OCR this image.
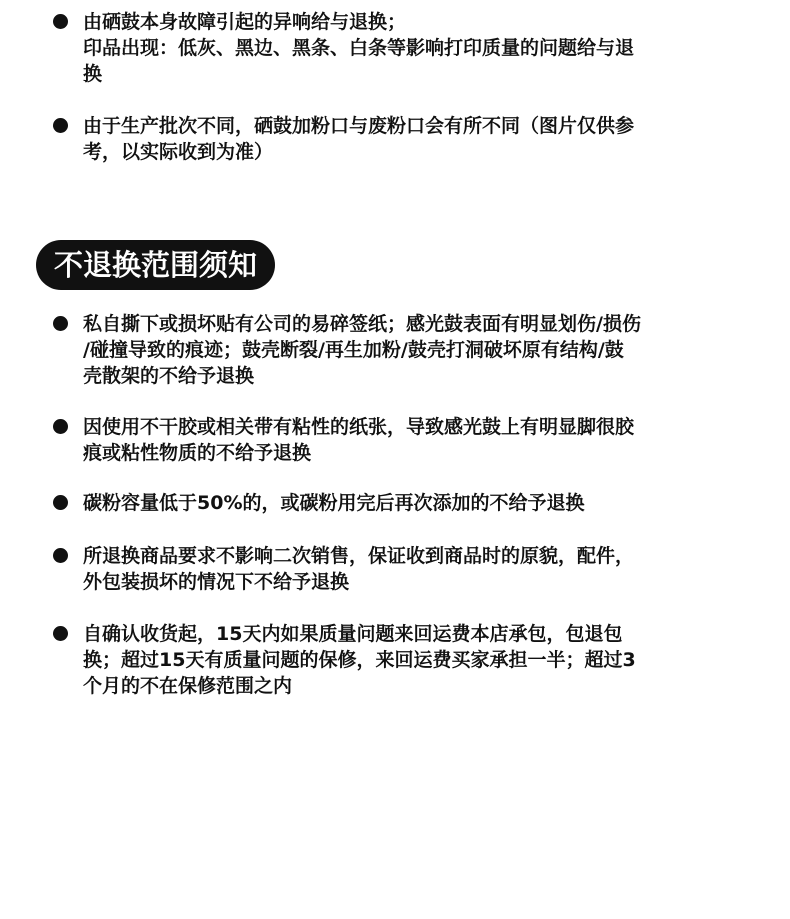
由硒鼓本身故障引起的异响给与退换；
印品出现：低灰、黑边、黑条、白条等影响打印质量的问题给与退
换
由于生产批次不同，硒鼓加粉口与废粉口会有所不同（图片仅供参
考，以实际收到为准）
不退换范围须知
私自撕下或损坏贴有公司的易碎签纸；感光鼓表面有明显划伤/损伤
/碰撞导致的痕迹；鼓壳断裂/再生加粉/鼓壳打洞破坏原有结构/鼓
壳散架的不给予退换
因使用不干胶或相关带有粘性的纸张，导致感光鼓上有明显脚很胶
痕或粘性物质的不给予退换
碳粉容量低于50%的，或碳粉用完后再次添加的不给予退换
所退换商品要求不影响二次销售，保证收到商品时的原貌，配件，
外包装损坏的情况下不给予退换
自确认收货起，15天内如果质量问题来回运费本店承包，包退包
换；超过15天有质量问题的保修，来回运费买家承担一半；超过3
个月的不在保修范围之内
